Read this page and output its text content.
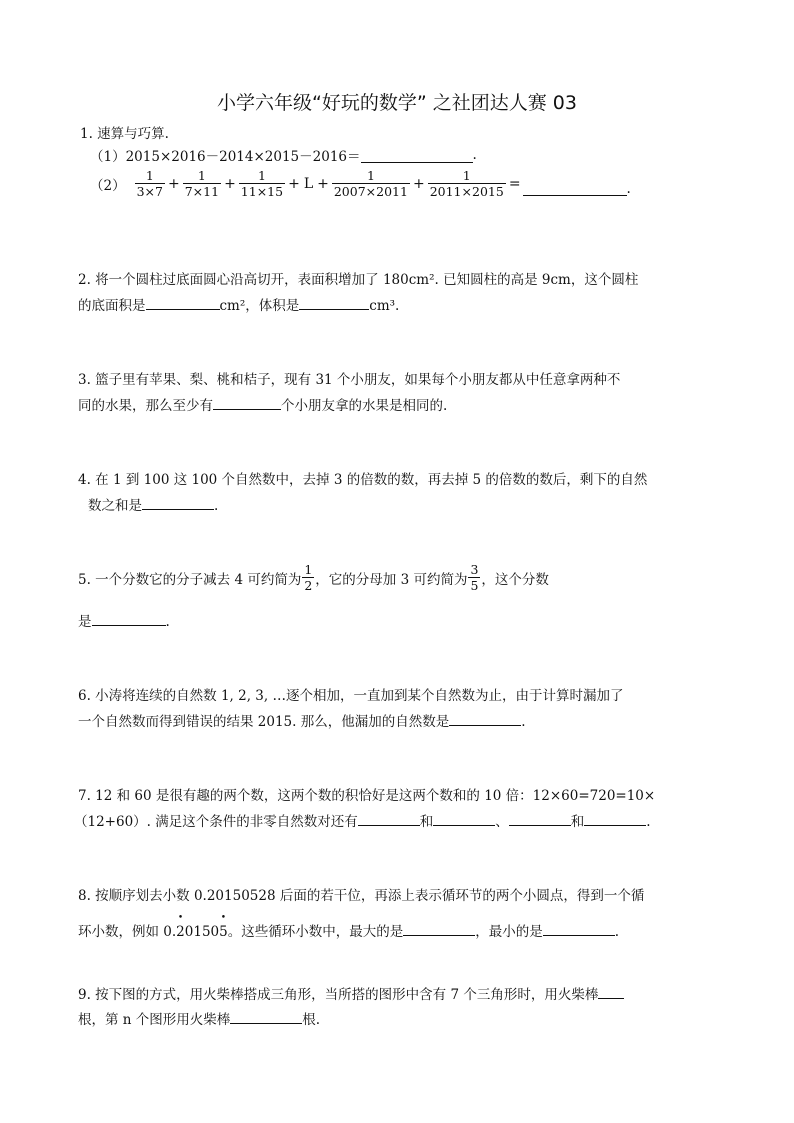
小学六年级“好玩的数学” 之社团达人赛 03
1. 速算与巧算.
（1） 2015×2016－2014×2015－2016＝	.
$(2) \frac{1}{3\times 7} + \frac{1}{7\times 11} + \frac{1}{11\times 15} + L + \frac{1}{2007\times 2011} + \frac{1}{2011\times 2015}$ =	.
2. 将一个圆柱过底面圆心沿高切开，表面积增加了 180cm². 已知圆柱的高是 9cm，这个圆柱
的底面积是	cm²，体积是	cm³.
3. 篮子里有苹果、梨、桃和桔子，现有 31 个小朋友，如果每个小朋友都从中任意拿两种不
同的水果，那么至少有	个小朋友拿的水果是相同的.
4. 在 1 到 100 这 100 个自然数中，去掉 3 的倍数的数，再去掉 5 的倍数的数后，剩下的自然
数之和是	.
5. 一个分数它的分子减去 4 可约简为 $\frac{1}{2}$ ，它的分母加 3 可约简为 $\frac{3}{5}$ ，这个分数
是	.
6. 小涛将连续的自然数 1, 2, 3, …逐个相加，一直加到某个自然数为止，由于计算时漏加了
一个自然数而得到错误的结果 2015. 那么，他漏加的自然数是	.
7. 12 和 60 是很有趣的两个数，这两个数的积恰好是这两个数和的 10 倍：12×60=720=10×
（12+60）. 满足这个条件的非零自然数对还有	和	、	和	.
8. 按顺序划去小数 0.20150528 后面的若干位，再添上表示循环节的两个小圆点，得到一个循
环小数，例如 0.• 20150• 5。这些循环小数中，最大的是	，最小的是	.
9. 按下图的方式，用火柴棒搭成三角形，当所搭的图形中含有 7 个三角形时，用火柴棒
根，第 n 个图形用火柴棒	根.
